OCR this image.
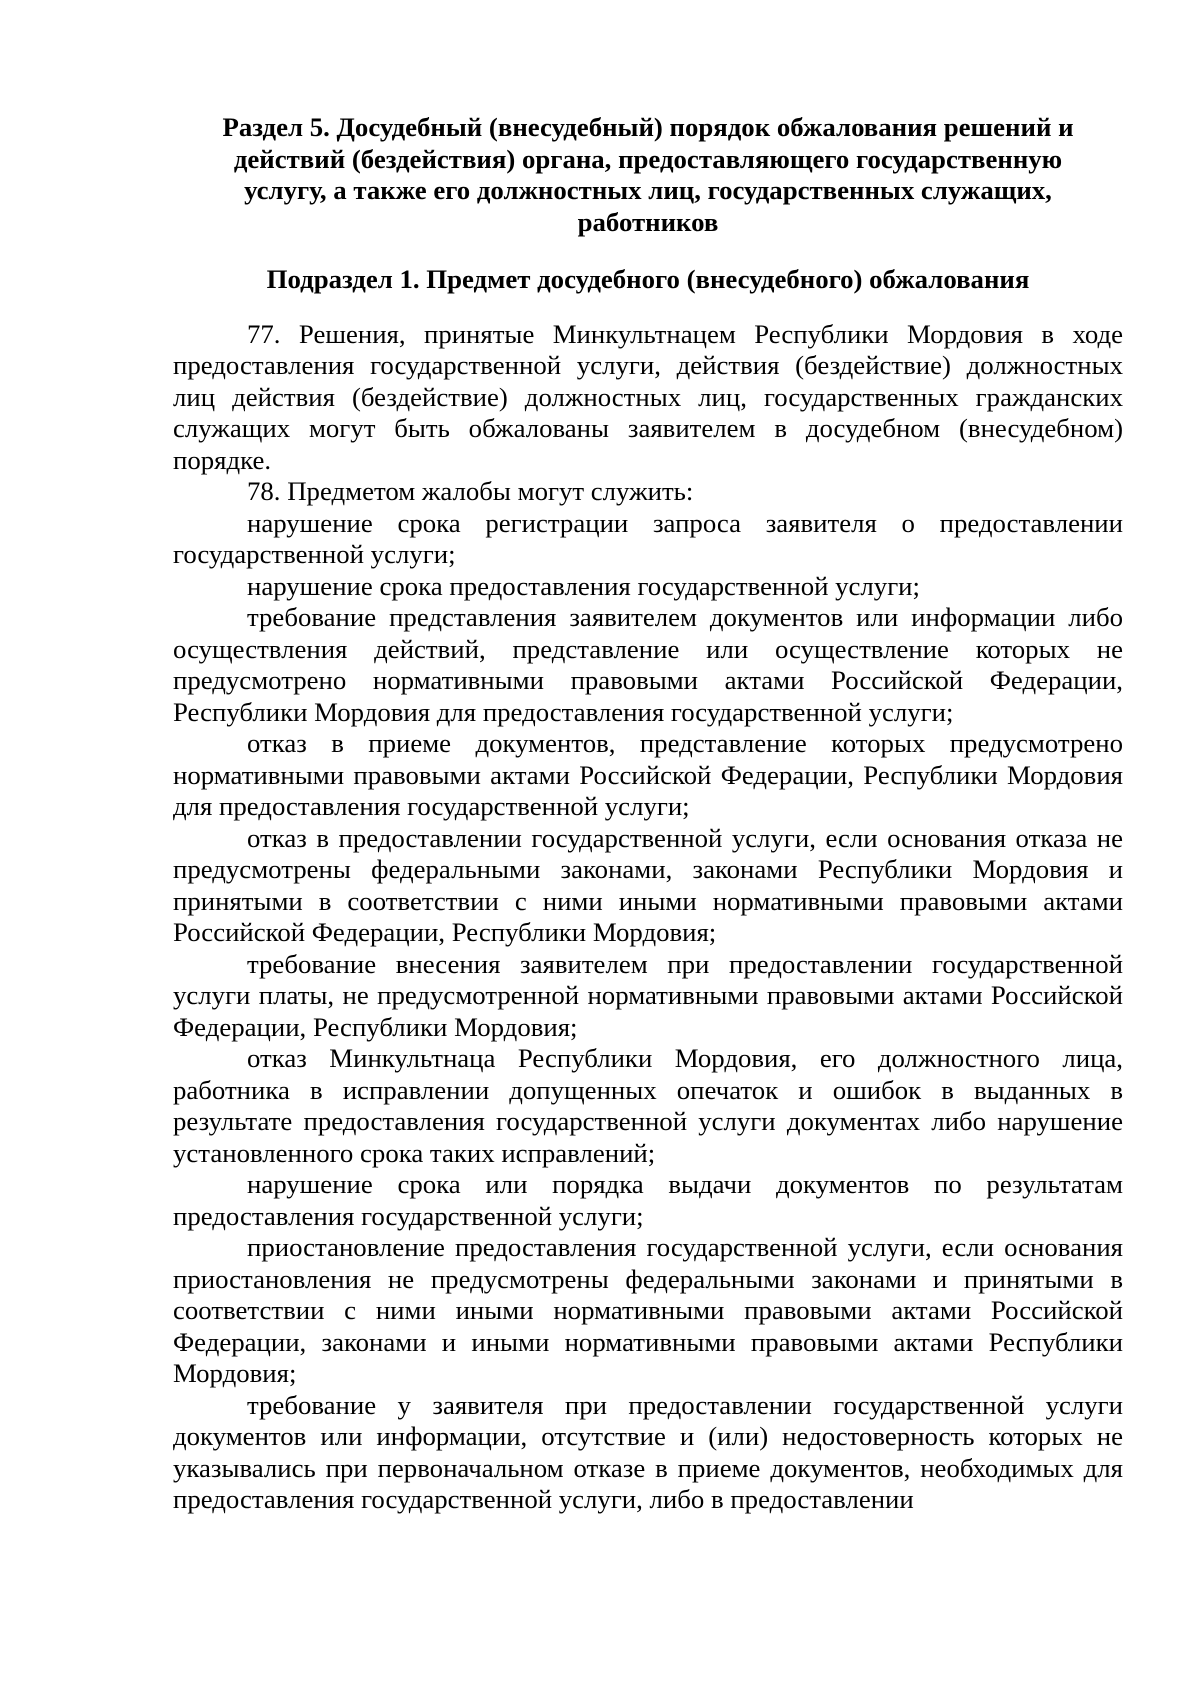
Раздел 5. Досудебный (внесудебный) порядок обжалования решений и действий (бездействия) органа, предоставляющего государственную услугу, а также его должностных лиц, государственных служащих, работников

Подраздел 1. Предмет досудебного (внесудебного) обжалования

77. Решения, принятые Минкультнацем Республики Мордовия в ходе предоставления государственной услуги, действия (бездействие) должностных лиц действия (бездействие) должностных лиц, государственных гражданских служащих могут быть обжалованы заявителем в досудебном (внесудебном) порядке.

78. Предметом жалобы могут служить:

нарушение срока регистрации запроса заявителя о предоставлении государственной услуги;

нарушение срока предоставления государственной услуги;

требование представления заявителем документов или информации либо осуществления действий, представление или осуществление которых не предусмотрено нормативными правовыми актами Российской Федерации, Республики Мордовия для предоставления государственной услуги;

отказ в приеме документов, представление которых предусмотрено нормативными правовыми актами Российской Федерации, Республики Мордовия для предоставления государственной услуги;

отказ в предоставлении государственной услуги, если основания отказа не предусмотрены федеральными законами, законами Республики Мордовия и принятыми в соответствии с ними иными нормативными правовыми актами Российской Федерации, Республики Мордовия;

требование внесения заявителем при предоставлении государственной услуги платы, не предусмотренной нормативными правовыми актами Российской Федерации, Республики Мордовия;

отказ Минкультнаца Республики Мордовия, его должностного лица, работника в исправлении допущенных опечаток и ошибок в выданных в результате предоставления государственной услуги документах либо нарушение установленного срока таких исправлений;

нарушение срока или порядка выдачи документов по результатам предоставления государственной услуги;

приостановление предоставления государственной услуги, если основания приостановления не предусмотрены федеральными законами и принятыми в соответствии с ними иными нормативными правовыми актами Российской Федерации, законами и иными нормативными правовыми актами Республики Мордовия;

требование у заявителя при предоставлении государственной услуги документов или информации, отсутствие и (или) недостоверность которых не указывались при первоначальном отказе в приеме документов, необходимых для предоставления государственной услуги, либо в предоставлении
